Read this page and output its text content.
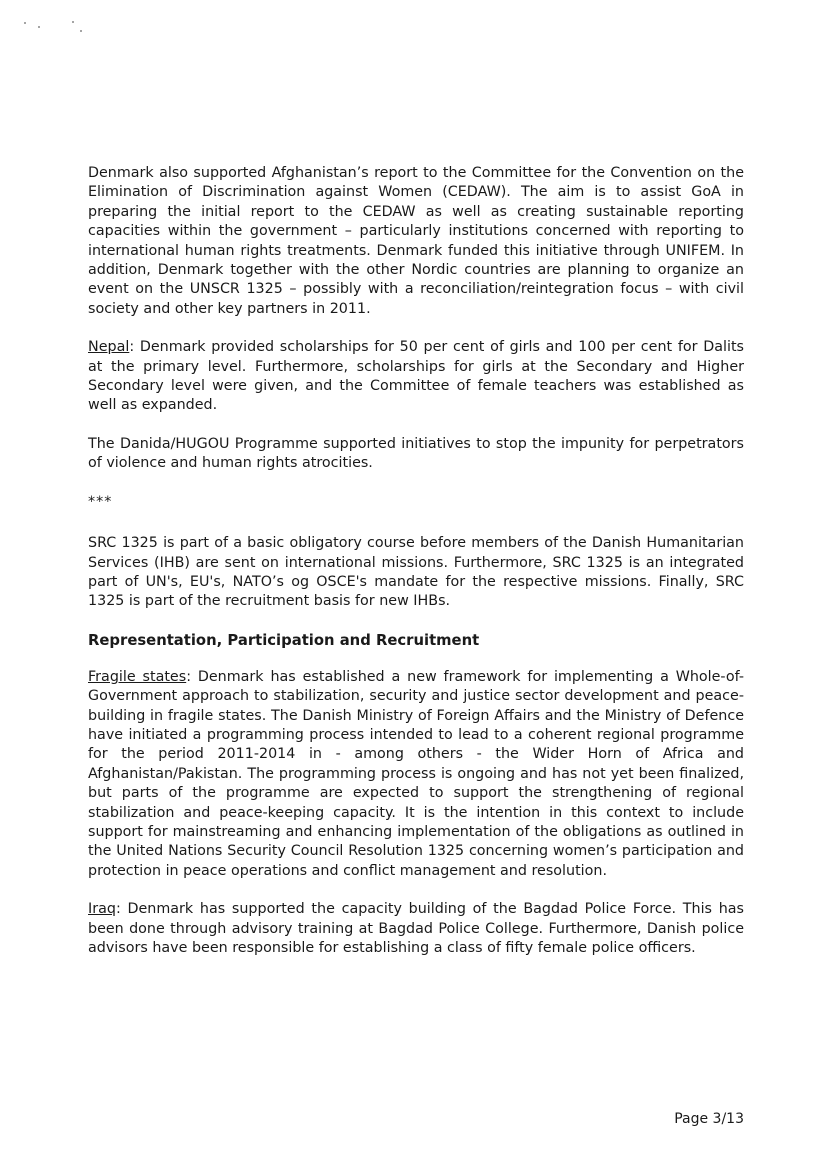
Denmark also supported Afghanistan’s report to the Committee for the Convention on the Elimination of Discrimination against Women (CEDAW). The aim is to assist GoA in preparing the initial report to the CEDAW as well as creating sustainable reporting capacities within the government – particularly institutions concerned with reporting to international human rights treatments. Denmark funded this initiative through UNIFEM. In addition, Denmark together with the other Nordic countries are planning to organize an event on the UNSCR 1325 – possibly with a reconciliation/reintegration focus – with civil society and other key partners in 2011.

Nepal: Denmark provided scholarships for 50 per cent of girls and 100 per cent for Dalits at the primary level. Furthermore, scholarships for girls at the Secondary and Higher Secondary level were given, and the Committee of female teachers was established as well as expanded.

The Danida/HUGOU Programme supported initiatives to stop the impunity for perpetrators of violence and human rights atrocities.

***

SRC 1325 is part of a basic obligatory course before members of the Danish Humanitarian Services (IHB) are sent on international missions. Furthermore, SRC 1325 is an integrated part of UN's, EU's, NATO’s og OSCE's mandate for the respective missions. Finally, SRC 1325 is part of the recruitment basis for new IHBs.

Representation, Participation and Recruitment

Fragile states: Denmark has established a new framework for implementing a Whole-of-Government approach to stabilization, security and justice sector development and peace-building in fragile states. The Danish Ministry of Foreign Affairs and the Ministry of Defence have initiated a programming process intended to lead to a coherent regional programme for the period 2011-2014 in - among others - the Wider Horn of Africa and Afghanistan/Pakistan. The programming process is ongoing and has not yet been finalized, but parts of the programme are expected to support the strengthening of regional stabilization and peace-keeping capacity. It is the intention in this context to include support for mainstreaming and enhancing implementation of the obligations as outlined in the United Nations Security Council Resolution 1325 concerning women’s participation and protection in peace operations and conflict management and resolution.

Iraq: Denmark has supported the capacity building of the Bagdad Police Force. This has been done through advisory training at Bagdad Police College. Furthermore, Danish police advisors have been responsible for establishing a class of fifty female police officers.

Page 3/13
